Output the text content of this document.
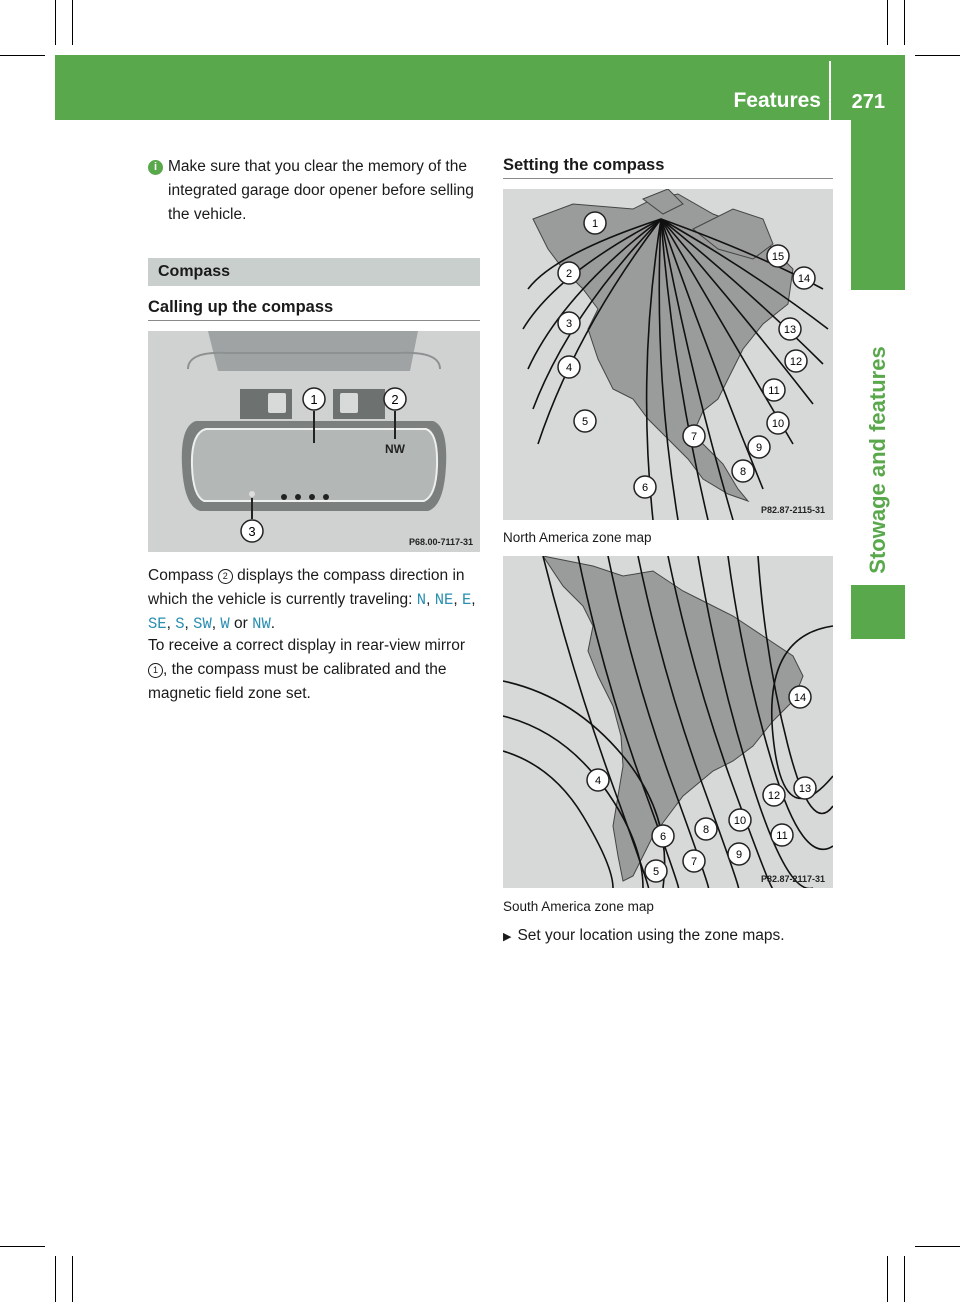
Features 271
Stowage and features
i Make sure that you clear the memory of the integrated garage door opener before selling the vehicle.
Compass
Calling up the compass
NW
1	2
3
P68.00-7117-31
Compass 2 displays the compass direction in which the vehicle is currently traveling: N, NE, E, SE, S, SW, W or NW.
To receive a correct display in rear-view mirror 1 , the compass must be calibrated and the magnetic field zone set.
Setting the compass
1
2
3
4
5
6
7
8
9
10
11
12
13
14
15
P82.87-2115-31
North America zone map
4
5
6
7
8
9
10
11
12
13
14
P82.87-2117-31
South America zone map
▶ Set your location using the zone maps.
